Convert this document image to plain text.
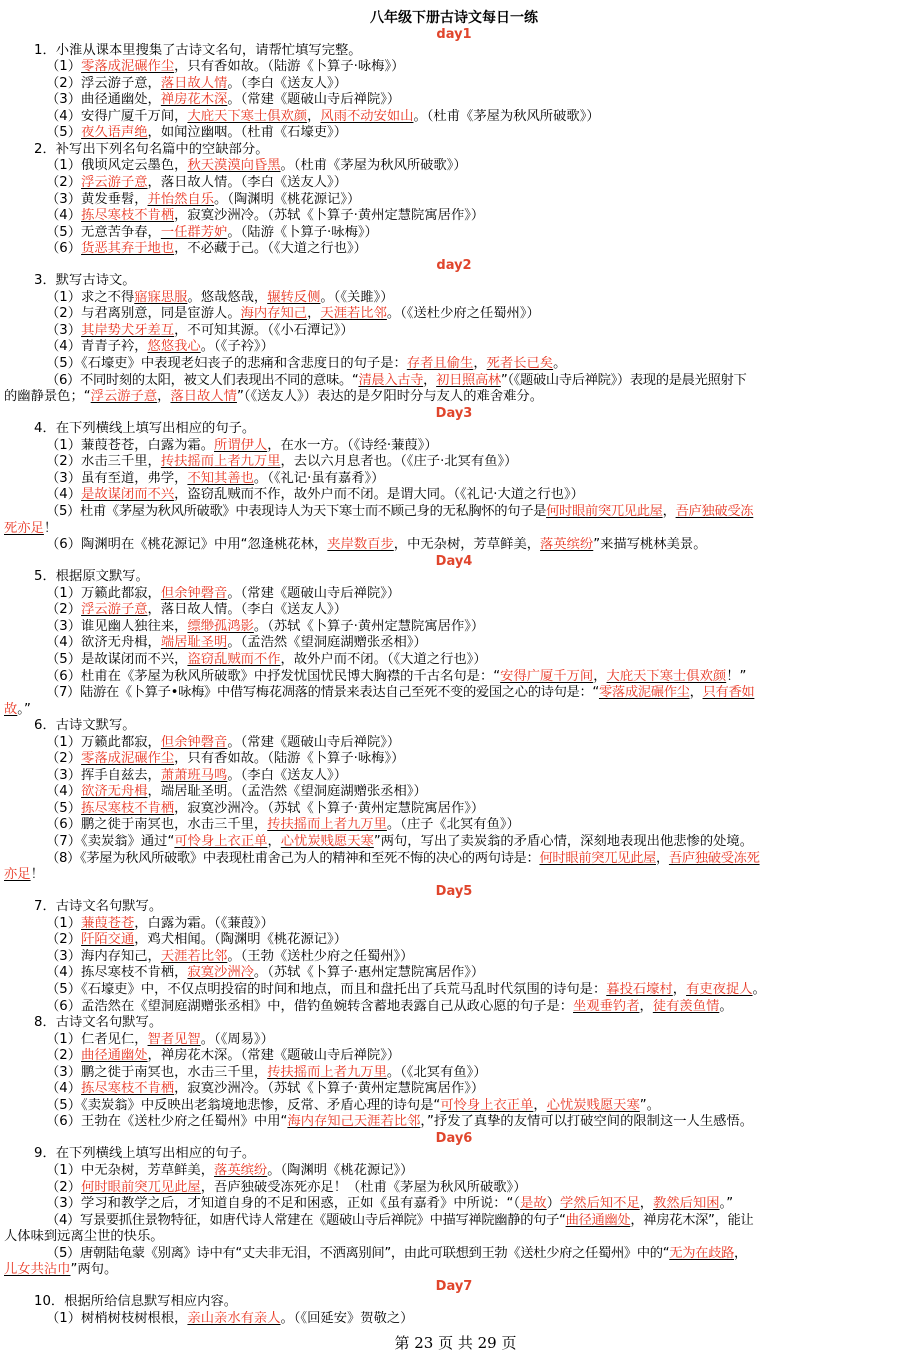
八年级下册古诗文每日一练
day1
1．小淮从课本里搜集了古诗文名句，请帮忙填写完整。
（1）零落成泥碾作尘，只有香如故。（陆游《卜算子·咏梅》）
（2）浮云游子意，落日故人情。（李白《送友人》）
（3）曲径通幽处，禅房花木深。（常建《题破山寺后禅院》）
（4）安得广厦千万间，大庇天下寒士俱欢颜，风雨不动安如山。（杜甫《茅屋为秋风所破歌》）
（5）夜久语声绝，如闻泣幽咽。（杜甫《石壕吏》）
2．补写出下列名句名篇中的空缺部分。
（1）俄顷风定云墨色，秋天漠漠向昏黑。（杜甫《茅屋为秋风所破歌》）
（2）浮云游子意，落日故人情。（李白《送友人》）
（3）黄发垂髫，并怡然自乐。（陶渊明《桃花源记》）
（4）拣尽寒枝不肯栖，寂寞沙洲冷。（苏轼《卜算子·黄州定慧院寓居作》）
（5）无意苦争春，一任群芳妒。（陆游《卜算子·咏梅》）
（6）货恶其弃于地也，不必藏于己。（《大道之行也》）
day2
3．默写古诗文。
（1）求之不得寤寐思服。悠哉悠哉，辗转反侧。（《关雎》）
（2）与君离别意，同是宦游人。海内存知己，天涯若比邻。（《送杜少府之任蜀州》）
（3）其岸势犬牙差互，不可知其源。（《小石潭记》）
（4）青青子衿，悠悠我心。（《子衿》）
（5）《石壕吏》中表现老妇丧子的悲痛和含悲度日的句子是：存者且偷生，死者长已矣。
（6）不同时刻的太阳，被文人们表现出不同的意味。“清晨入古寺，初日照高林”（《题破山寺后禅院》）表现的是晨光照射下
的幽静景色；“浮云游子意，落日故人情”（《送友人》）表达的是夕阳时分与友人的难舍难分。
Day3
4．在下列横线上填写出相应的句子。
（1）蒹葭苍苍，白露为霜。所谓伊人，在水一方。（《诗经·蒹葭》）
（2）水击三千里，抟扶摇而上者九万里，去以六月息者也。（《庄子·北冥有鱼》）
（3）虽有至道，弗学，不知其善也。（《礼记·虽有嘉肴》）
（4）是故谋闭而不兴，盗窃乱贼而不作，故外户而不闭。是谓大同。（《礼记·大道之行也》）
（5）杜甫《茅屋为秋风所破歌》中表现诗人为天下寒士而不顾己身的无私胸怀的句子是何时眼前突兀见此屋，吾庐独破受冻
死亦足！
（6）陶渊明在《桃花源记》中用“忽逢桃花林，夹岸数百步，中无杂树，芳草鲜美，落英缤纷”来描写桃林美景。
Day4
5．根据原文默写。
（1）万籁此都寂，但余钟磬音。（常建《题破山寺后禅院》）
（2）浮云游子意，落日故人情。（李白《送友人》）
（3）谁见幽人独往来，缥缈孤鸿影。（苏轼《卜算子·黄州定慧院寓居作》）
（4）欲济无舟楫，端居耻圣明。（孟浩然《望洞庭湖赠张丞相》）
（5）是故谋闭而不兴，盗窃乱贼而不作，故外户而不闭。（《大道之行也》）
（6）杜甫在《茅屋为秋风所破歌》中抒发忧国忧民博大胸襟的千古名句是：“安得广厦千万间，大庇天下寒士俱欢颜！”
（7）陆游在《卜算子•咏梅》中借写梅花凋落的情景来表达自己至死不变的爱国之心的诗句是：“零落成泥碾作尘，只有香如
故。”
6．古诗文默写。
（1）万籁此都寂，但余钟磬音。（常建《题破山寺后禅院》）
（2）零落成泥碾作尘，只有香如故。（陆游《卜算子·咏梅》）
（3）挥手自兹去，萧萧班马鸣。（李白《送友人》）
（4）欲济无舟楫，端居耻圣明。（孟浩然《望洞庭湖赠张丞相》）
（5）拣尽寒枝不肯栖，寂寞沙洲冷。（苏轼《卜算子·黄州定慧院寓居作》）
（6）鹏之徙于南冥也，水击三千里，抟扶摇而上者九万里。（庄子《北冥有鱼》）
（7）《卖炭翁》通过“可怜身上衣正单，心忧炭贱愿天寒”两句，写出了卖炭翁的矛盾心情，深刻地表现出他悲惨的处境。
（8）《茅屋为秋风所破歌》中表现杜甫舍己为人的精神和至死不悔的决心的两句诗是：何时眼前突兀见此屋，吾庐独破受冻死
亦足！
Day5
7．古诗文名句默写。
（1）蒹葭苍苍，白露为霜。（《蒹葭》）
（2）阡陌交通，鸡犬相闻。（陶渊明《桃花源记》）
（3）海内存知己，天涯若比邻。（王勃《送杜少府之任蜀州》）
（4）拣尽寒枝不肯栖，寂寞沙洲冷。（苏轼《卜算子·惠州定慧院寓居作》）
（5）《石壕吏》中，不仅点明投宿的时间和地点，而且和盘托出了兵荒马乱时代氛围的诗句是：暮投石壕村，有吏夜捉人。
（6）孟浩然在《望洞庭湖赠张丞相》中，借钓鱼婉转含蓄地表露自己从政心愿的句子是：坐观垂钓者，徒有羡鱼情。
8．古诗文名句默写。
（1）仁者见仁，智者见智。（《周易》）
（2）曲径通幽处，禅房花木深。（常建《题破山寺后禅院》）
（3）鹏之徙于南冥也，水击三千里，抟扶摇而上者九万里。（《北冥有鱼》）
（4）拣尽寒枝不肯栖，寂寞沙洲冷。（苏轼《卜算子·黄州定慧院寓居作》）
（5）《卖炭翁》中反映出老翁境地悲惨，反常、矛盾心理的诗句是“可怜身上衣正单，心忧炭贱愿天寒”。
（6）王勃在《送杜少府之任蜀州》中用“海内存知己天涯若比邻，”抒发了真挚的友情可以打破空间的限制这一人生感悟。
Day6
9．在下列横线上填写出相应的句子。
（1）中无杂树，芳草鲜美，落英缤纷。（陶渊明《桃花源记》）
（2）何时眼前突兀见此屋，吾庐独破受冻死亦足！（杜甫《茅屋为秋风所破歌》）
（3）学习和教学之后，才知道自身的不足和困惑，正如《虽有嘉肴》中所说：“（是故）学然后知不足，教然后知困。”
（4）写景要抓住景物特征，如唐代诗人常建在《题破山寺后禅院》中描写禅院幽静的句子“曲径通幽处，禅房花木深”，能让
人体味到远离尘世的快乐。
（5）唐朝陆龟蒙《别离》诗中有“丈夫非无泪，不洒离别间”，由此可联想到王勃《送杜少府之任蜀州》中的“无为在歧路，
儿女共沾巾”两句。
Day7
10．根据所给信息默写相应内容。
（1）树梢树枝树根根，亲山亲水有亲人。（《回延安》贺敬之）
第 23 页 共 29 页
